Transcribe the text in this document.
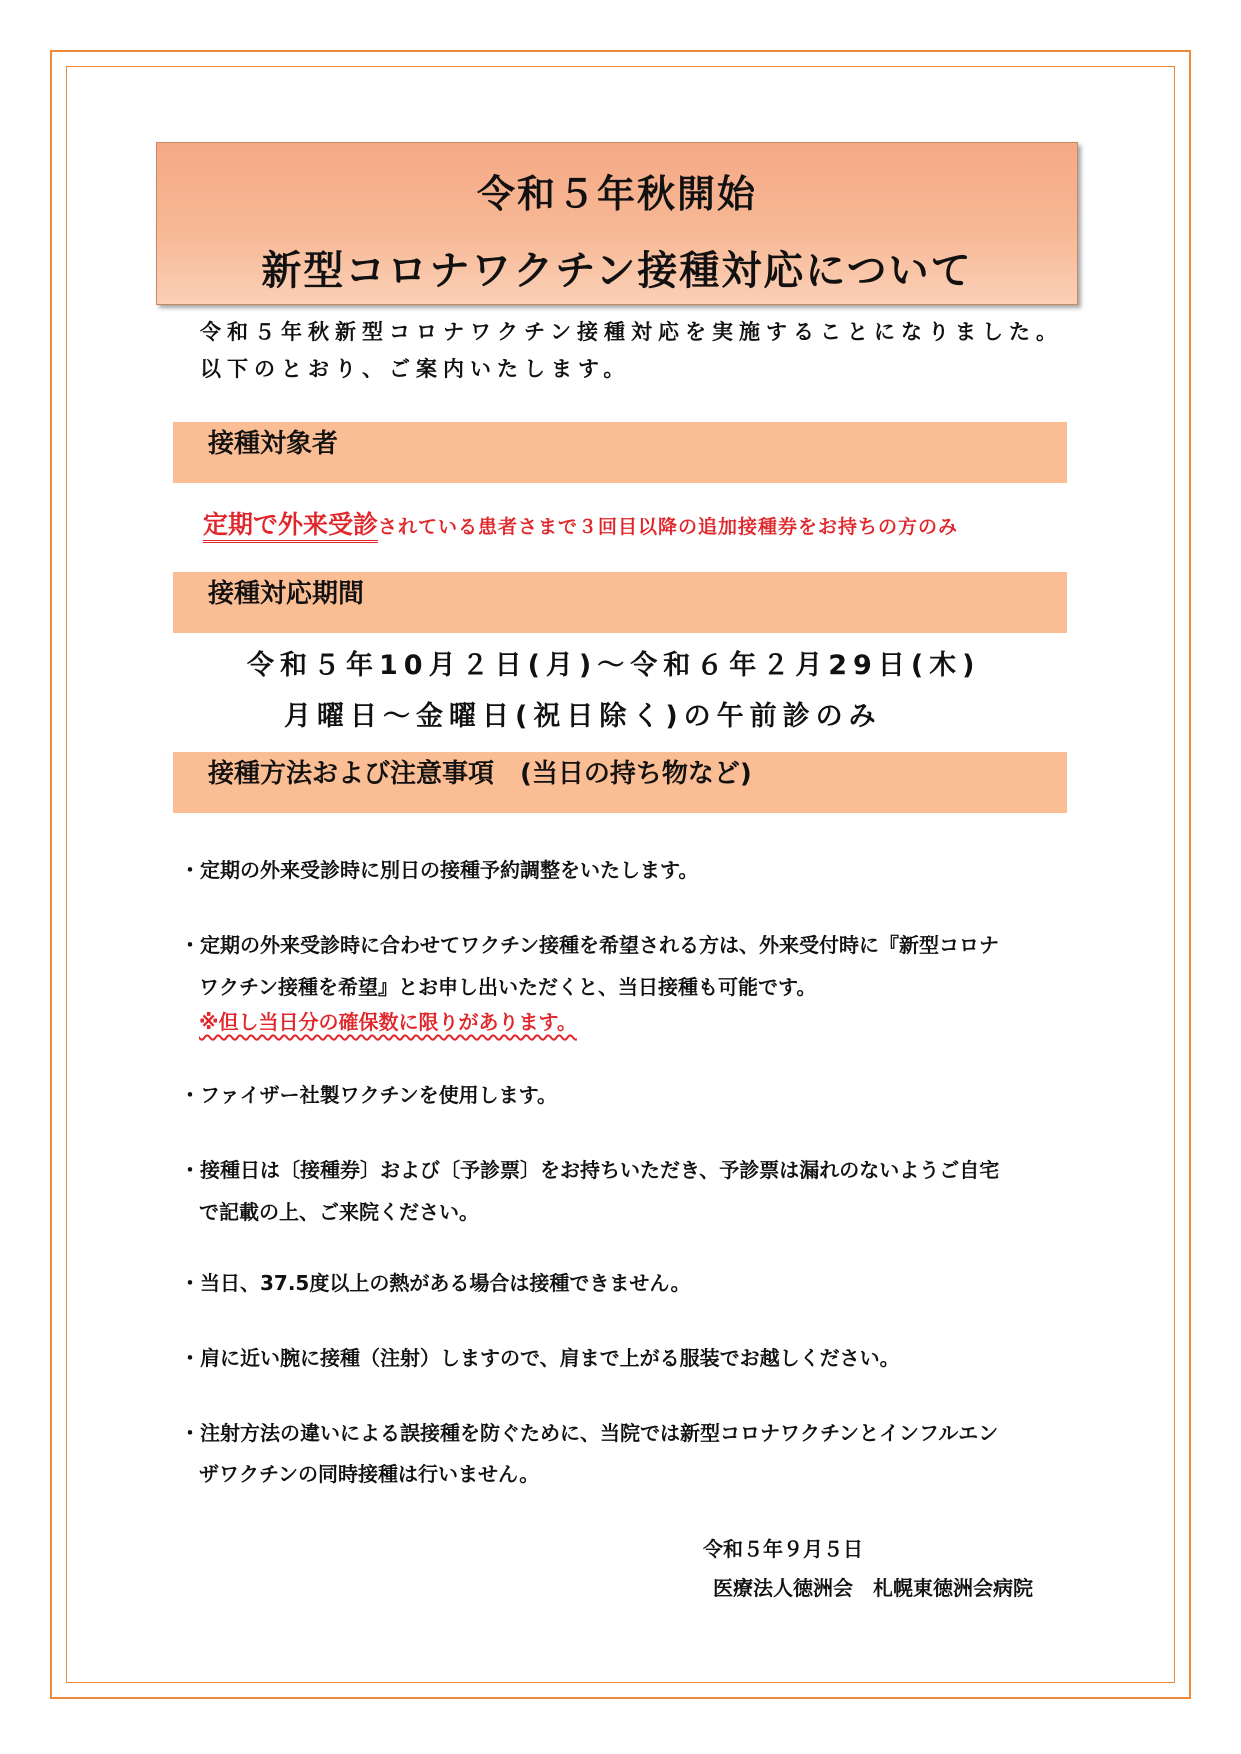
令和５年秋開始
新型コロナワクチン接種対応について
令和５年秋新型コロナワクチン接種対応を実施することになりました。
以下のとおり、ご案内いたします。
接種対象者
定期で外来受診されている患者さまで３回目以降の追加接種券をお持ちの方のみ
接種対応期間
令和５年10月２日(月)～令和６年２月29日(木)
月曜日～金曜日(祝日除く)の午前診のみ
接種方法および注意事項　(当日の持ち物など)
・定期の外来受診時に別日の接種予約調整をいたします。
・定期の外来受診時に合わせてワクチン接種を希望される方は、外来受付時に『新型コロナ
ワクチン接種を希望』とお申し出いただくと、当日接種も可能です。
※但し当日分の確保数に限りがあります。
・ファイザー社製ワクチンを使用します。
・接種日は〔接種券〕および〔予診票〕をお持ちいただき、予診票は漏れのないようご自宅
で記載の上、ご来院ください。
・当日、37.5度以上の熱がある場合は接種できません。
・肩に近い腕に接種（注射）しますので、肩まで上がる服装でお越しください。
・注射方法の違いによる誤接種を防ぐために、当院では新型コロナワクチンとインフルエン
ザワクチンの同時接種は行いません。
令和５年９月５日
医療法人徳洲会　札幌東徳洲会病院
